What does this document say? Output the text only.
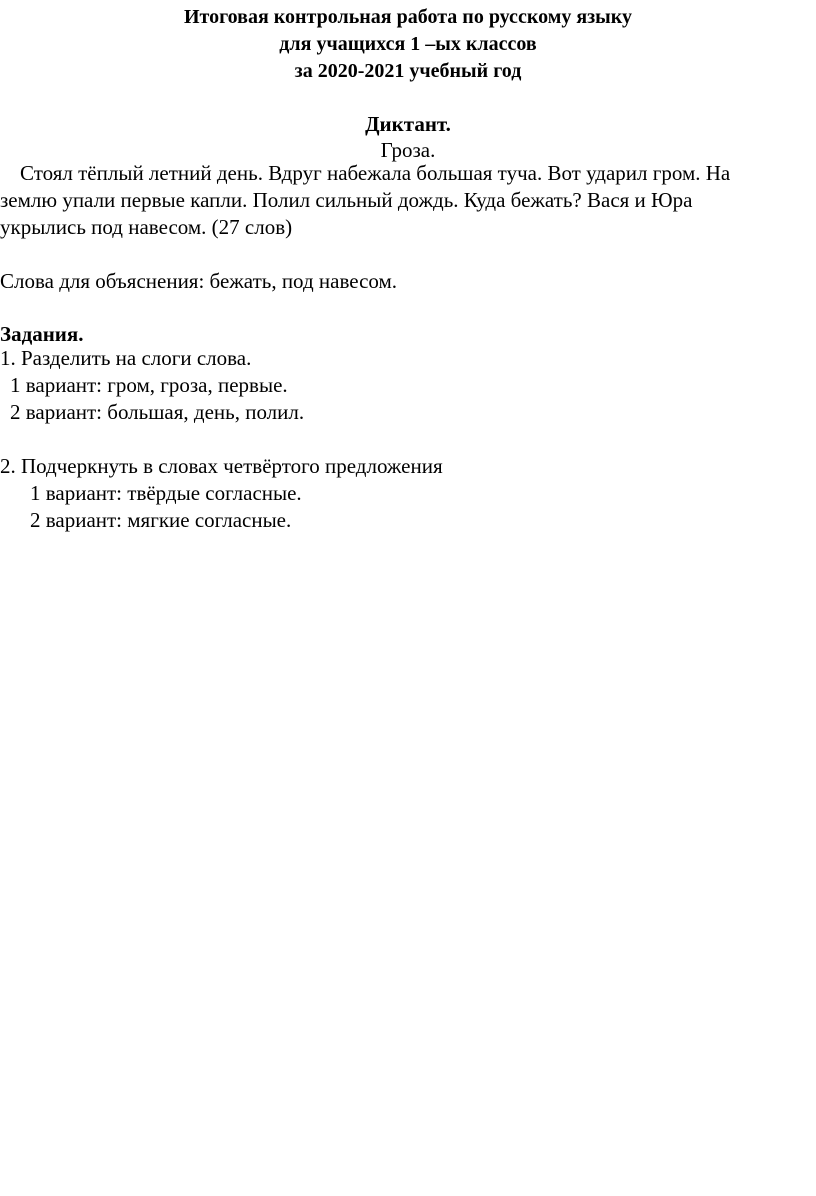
Итоговая контрольная работа по русскому языку
для учащихся 1 –ых классов
за 2020-2021 учебный год
Диктант.
Гроза.
Стоял тёплый летний день. Вдруг набежала большая туча. Вот ударил гром. На
землю упали первые капли. Полил сильный дождь. Куда бежать? Вася и Юра
укрылись под навесом. (27 слов)
Слова для объяснения: бежать, под навесом.
Задания.
1. Разделить на слоги слова.
1 вариант: гром, гроза, первые.
2 вариант: большая, день, полил.
2. Подчеркнуть в словах четвёртого предложения
1 вариант: твёрдые согласные.
2 вариант: мягкие согласные.
